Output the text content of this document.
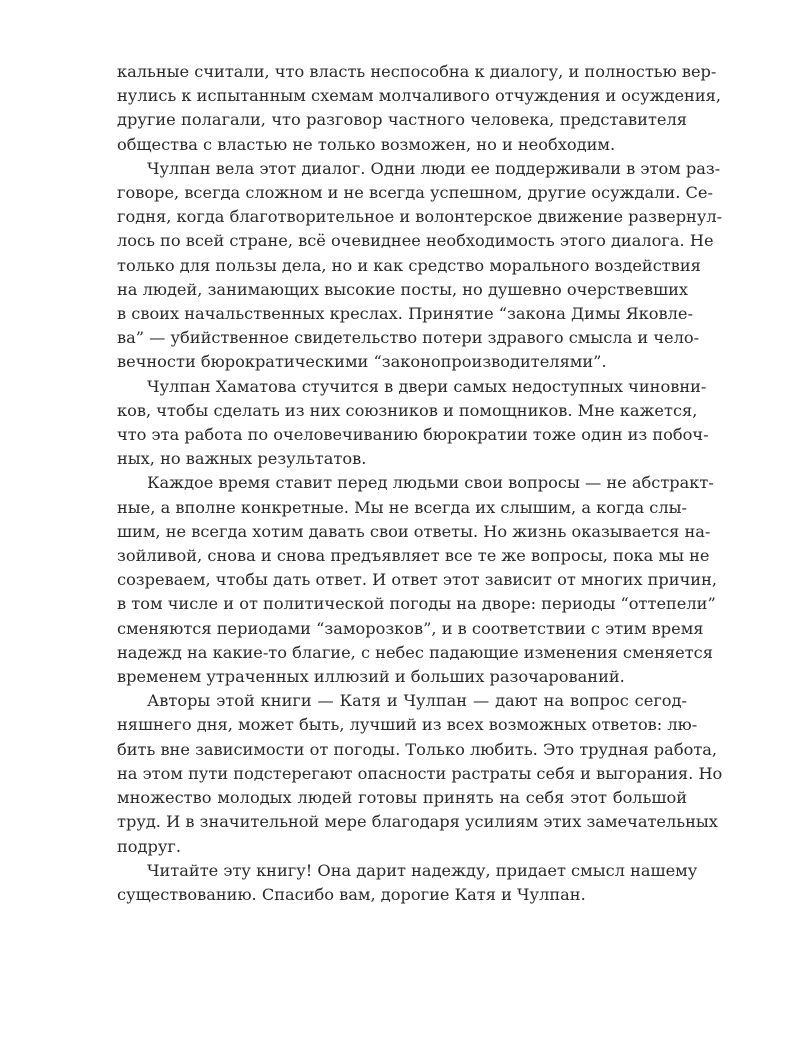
кальные считали, что власть неспособна к диалогу, и полностью вер-
нулись к испытанным схемам молчаливого отчуждения и осуждения,
другие полагали, что разговор частного человека, представителя
общества с властью не только возможен, но и необходим.

Чулпан вела этот диалог. Одни люди ее поддерживали в этом раз-
говоре, всегда сложном и не всегда успешном, другие осуждали. Се-
годня, когда благотворительное и волонтерское движение развернул-
лось по всей стране, всё очевиднее необходимость этого диалога. Не
только для пользы дела, но и как средство морального воздействия
на людей, занимающих высокие посты, но душевно очерствевших
в своих начальственных креслах. Принятие “закона Димы Яковле-
ва” — убийственное свидетельство потери здравого смысла и чело-
вечности бюрократическими “законопроизводителями”.

Чулпан Хаматова стучится в двери самых недоступных чиновни-
ков, чтобы сделать из них союзников и помощников. Мне кажется,
что эта работа по очеловечиванию бюрократии тоже один из побоч-
ных, но важных результатов.

Каждое время ставит перед людьми свои вопросы — не абстракт-
ные, а вполне конкретные. Мы не всегда их слышим, а когда слы-
шим, не всегда хотим давать свои ответы. Но жизнь оказывается на-
зойливой, снова и снова предъявляет все те же вопросы, пока мы не
созреваем, чтобы дать ответ. И ответ этот зависит от многих причин,
в том числе и от политической погоды на дворе: периоды “оттепели”
сменяются периодами “заморозков”, и в соответствии с этим время
надежд на какие-то благие, с небес падающие изменения сменяется
временем утраченных иллюзий и больших разочарований.

Авторы этой книги — Катя и Чулпан — дают на вопрос сегод-
няшнего дня, может быть, лучший из всех возможных ответов: лю-
бить вне зависимости от погоды. Только любить. Это трудная работа,
на этом пути подстерегают опасности растраты себя и выгорания. Но
множество молодых людей готовы принять на себя этот большой
труд. И в значительной мере благодаря усилиям этих замечательных
подруг.

Читайте эту книгу! Она дарит надежду, придает смысл нашему
существованию. Спасибо вам, дорогие Катя и Чулпан.
